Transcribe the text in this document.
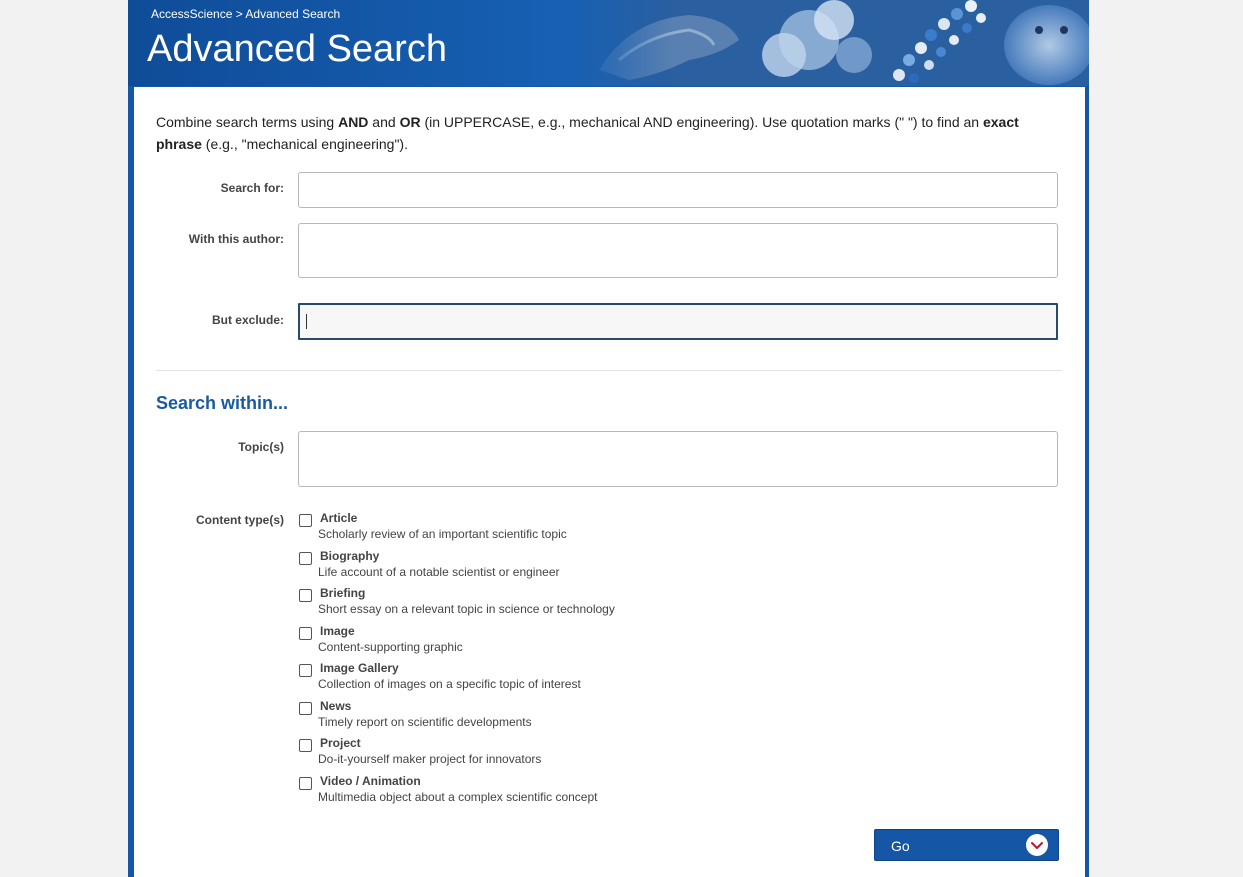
AccessScience > Advanced Search
Advanced Search
Combine search terms using AND and OR (in UPPERCASE, e.g., mechanical AND engineering). Use quotation marks (" ") to find an exact phrase (e.g., "mechanical engineering").
Search for:
With this author:
But exclude:
Search within...
Topic(s)
Content type(s)	Article
Scholarly review of an important scientific topic
Biography
Life account of a notable scientist or engineer
Briefing
Short essay on a relevant topic in science or technology
Image
Content-supporting graphic
Image Gallery
Collection of images on a specific topic of interest
News
Timely report on scientific developments
Project
Do-it-yourself maker project for innovators
Video / Animation
Multimedia object about a complex scientific concept
Go
